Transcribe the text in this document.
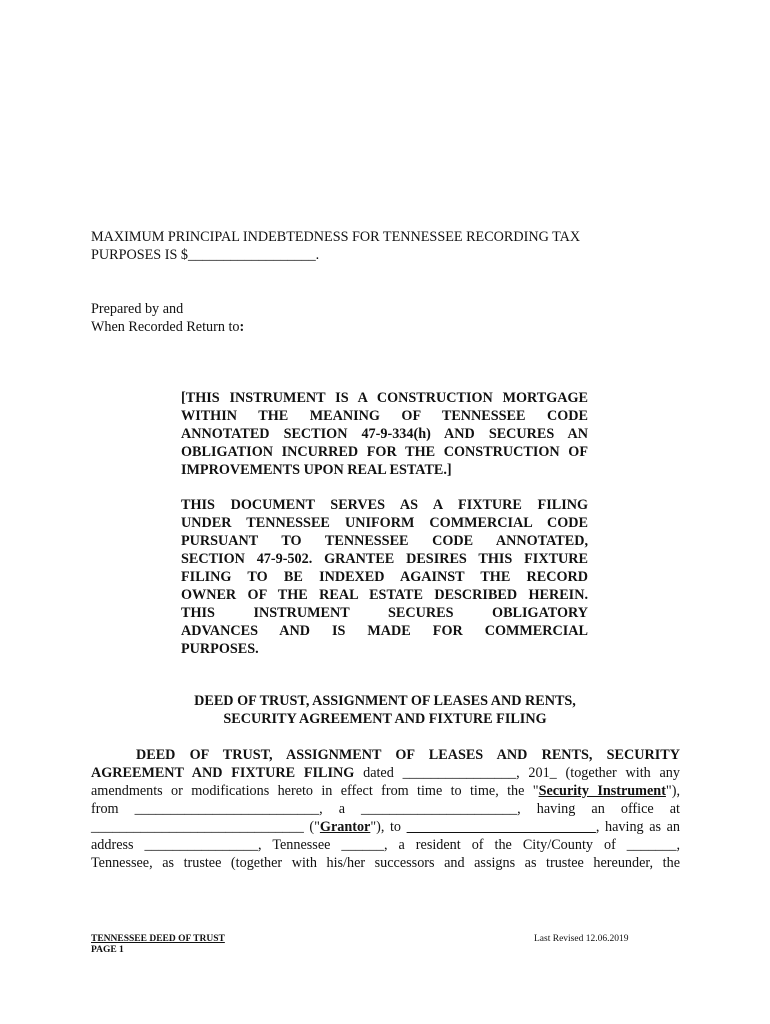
MAXIMUM PRINCIPAL INDEBTEDNESS FOR TENNESSEE RECORDING TAX
PURPOSES IS $__________________.
Prepared by and
When Recorded Return to:
[THIS INSTRUMENT IS A CONSTRUCTION MORTGAGE
WITHIN THE MEANING OF TENNESSEE CODE
ANNOTATED SECTION 47-9-334(h) AND SECURES AN
OBLIGATION INCURRED FOR THE CONSTRUCTION OF
IMPROVEMENTS UPON REAL ESTATE.]
THIS DOCUMENT SERVES AS A FIXTURE FILING
UNDER TENNESSEE UNIFORM COMMERCIAL CODE
PURSUANT TO TENNESSEE CODE ANNOTATED,
SECTION 47-9-502. GRANTEE DESIRES THIS FIXTURE
FILING TO BE INDEXED AGAINST THE RECORD
OWNER OF THE REAL ESTATE DESCRIBED HEREIN.
THIS INSTRUMENT SECURES OBLIGATORY
ADVANCES AND IS MADE FOR COMMERCIAL
PURPOSES.
DEED OF TRUST, ASSIGNMENT OF LEASES AND RENTS,
SECURITY AGREEMENT AND FIXTURE FILING
DEED OF TRUST, ASSIGNMENT OF LEASES AND RENTS, SECURITY
AGREEMENT AND FIXTURE FILING dated ________________, 201_ (together with any
amendments or modifications hereto in effect from time to time, the "Security Instrument"),
from __________________________, a ______________________, having an office at
______________________________ ("Grantor"), to	, having as an
address ________________, Tennessee ______, a resident of the City/County of _______,
Tennessee, as trustee (together with his/her successors and assigns as trustee hereunder, the
TENNESSEE DEED OF TRUST
PAGE 1
Last Revised 12.06.2019
